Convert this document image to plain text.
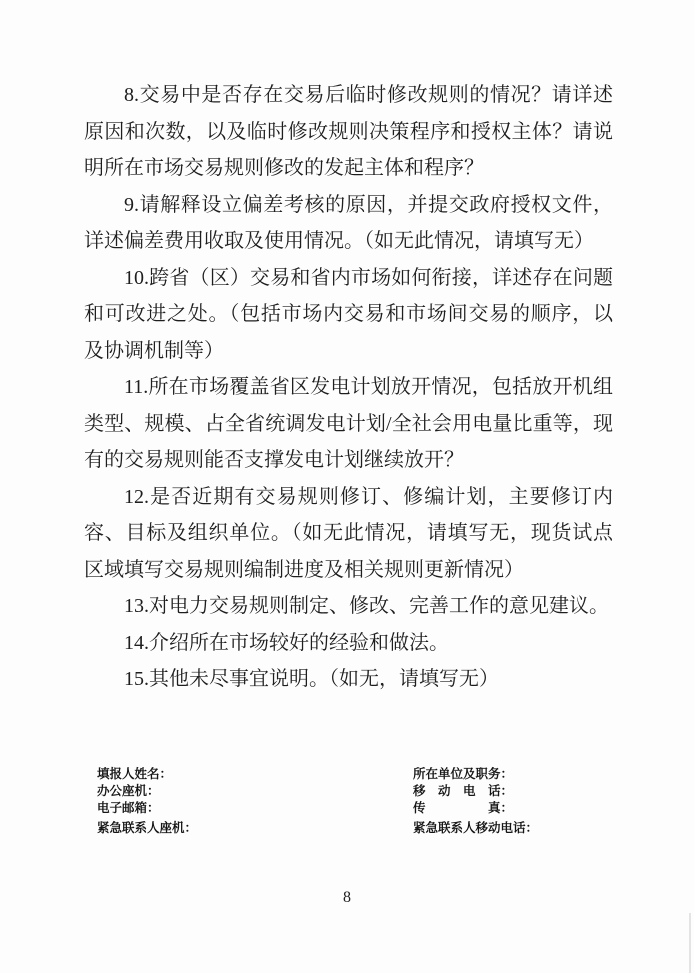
8.交易中是否存在交易后临时修改规则的情况？请详述原因和次数，以及临时修改规则决策程序和授权主体？请说明所在市场交易规则修改的发起主体和程序？

9.请解释设立偏差考核的原因，并提交政府授权文件，详述偏差费用收取及使用情况。（如无此情况，请填写无）

10.跨省（区）交易和省内市场如何衔接，详述存在问题和可改进之处。（包括市场内交易和市场间交易的顺序，以及协调机制等）

11.所在市场覆盖省区发电计划放开情况，包括放开机组类型、规模、占全省统调发电计划/全社会用电量比重等，现有的交易规则能否支撑发电计划继续放开？

12.是否近期有交易规则修订、修编计划，主要修订内容、目标及组织单位。（如无此情况，请填写无，现货试点区域填写交易规则编制进度及相关规则更新情况）

13.对电力交易规则制定、修改、完善工作的意见建议。

14.介绍所在市场较好的经验和做法。

15.其他未尽事宜说明。（如无，请填写无）

填报人姓名：
办公座机：
电子邮箱：
紧急联系人座机：
所在单位及职务：
移　动　电　话：
传　　　　　真：
紧急联系人移动电话：
8
